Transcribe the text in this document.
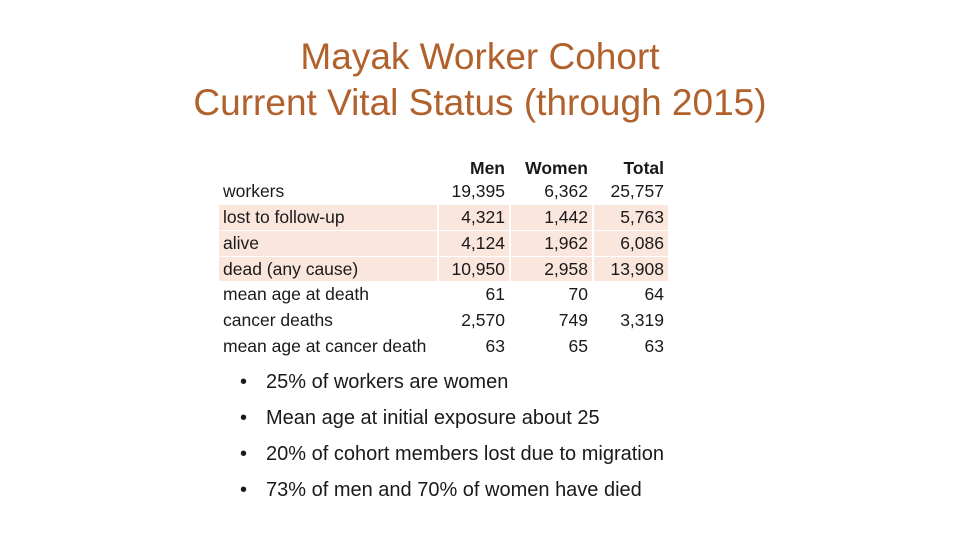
Mayak Worker Cohort
Current Vital Status (through 2015)
	Men	Women	Total
workers	19,395	6,362	25,757
lost to follow-up	4,321	1,442	5,763
alive	4,124	1,962	6,086
dead (any cause)	10,950	2,958	13,908
mean age at death	61	70	64
cancer deaths	2,570	749	3,319
mean age at cancer death	63	65	63
• 25% of workers are women
• Mean age at initial exposure about 25
• 20% of cohort members lost due to migration
• 73% of men and 70% of women have died
